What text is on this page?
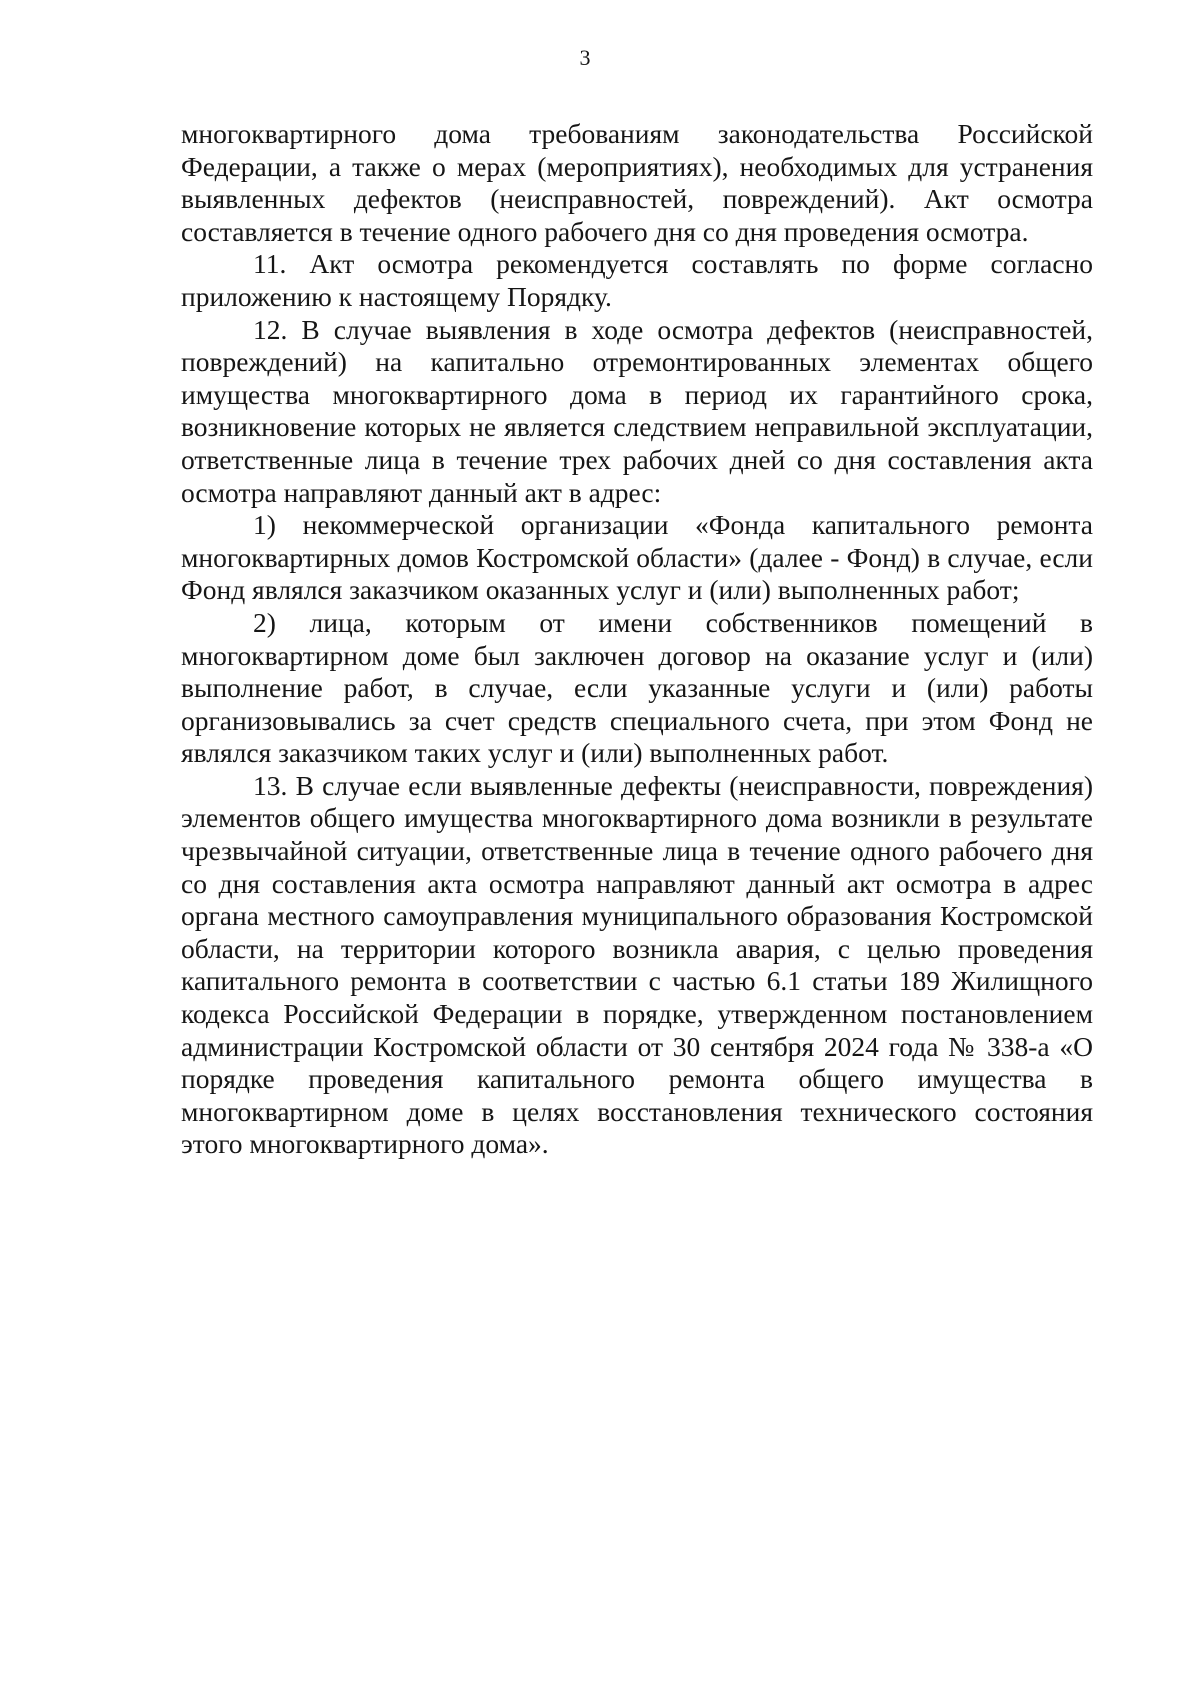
3

многоквартирного дома требованиям законодательства Российской Федерации, а также о мерах (мероприятиях), необходимых для устранения выявленных дефектов (неисправностей, повреждений). Акт осмотра составляется в течение одного рабочего дня со дня проведения осмотра.

11. Акт осмотра рекомендуется составлять по форме согласно приложению к настоящему Порядку.

12. В случае выявления в ходе осмотра дефектов (неисправностей, повреждений) на капитально отремонтированных элементах общего имущества многоквартирного дома в период их гарантийного срока, возникновение которых не является следствием неправильной эксплуатации, ответственные лица в течение трех рабочих дней со дня составления акта осмотра направляют данный акт в адрес:

1) некоммерческой организации «Фонда капитального ремонта многоквартирных домов Костромской области» (далее - Фонд) в случае, если Фонд являлся заказчиком оказанных услуг и (или) выполненных работ;

2) лица, которым от имени собственников помещений в многоквартирном доме был заключен договор на оказание услуг и (или) выполнение работ, в случае, если указанные услуги и (или) работы организовывались за счет средств специального счета, при этом Фонд не являлся заказчиком таких услуг и (или) выполненных работ.

13. В случае если выявленные дефекты (неисправности, повреждения) элементов общего имущества многоквартирного дома возникли в результате чрезвычайной ситуации, ответственные лица в течение одного рабочего дня со дня составления акта осмотра направляют данный акт осмотра в адрес органа местного самоуправления муниципального образования Костромской области, на территории которого возникла авария, с целью проведения капитального ремонта в соответствии с частью 6.1 статьи 189 Жилищного кодекса Российской Федерации в порядке, утвержденном постановлением администрации Костромской области от 30 сентября 2024 года № 338-а «О порядке проведения капитального ремонта общего имущества в многоквартирном доме в целях восстановления технического состояния этого многоквартирного дома».
